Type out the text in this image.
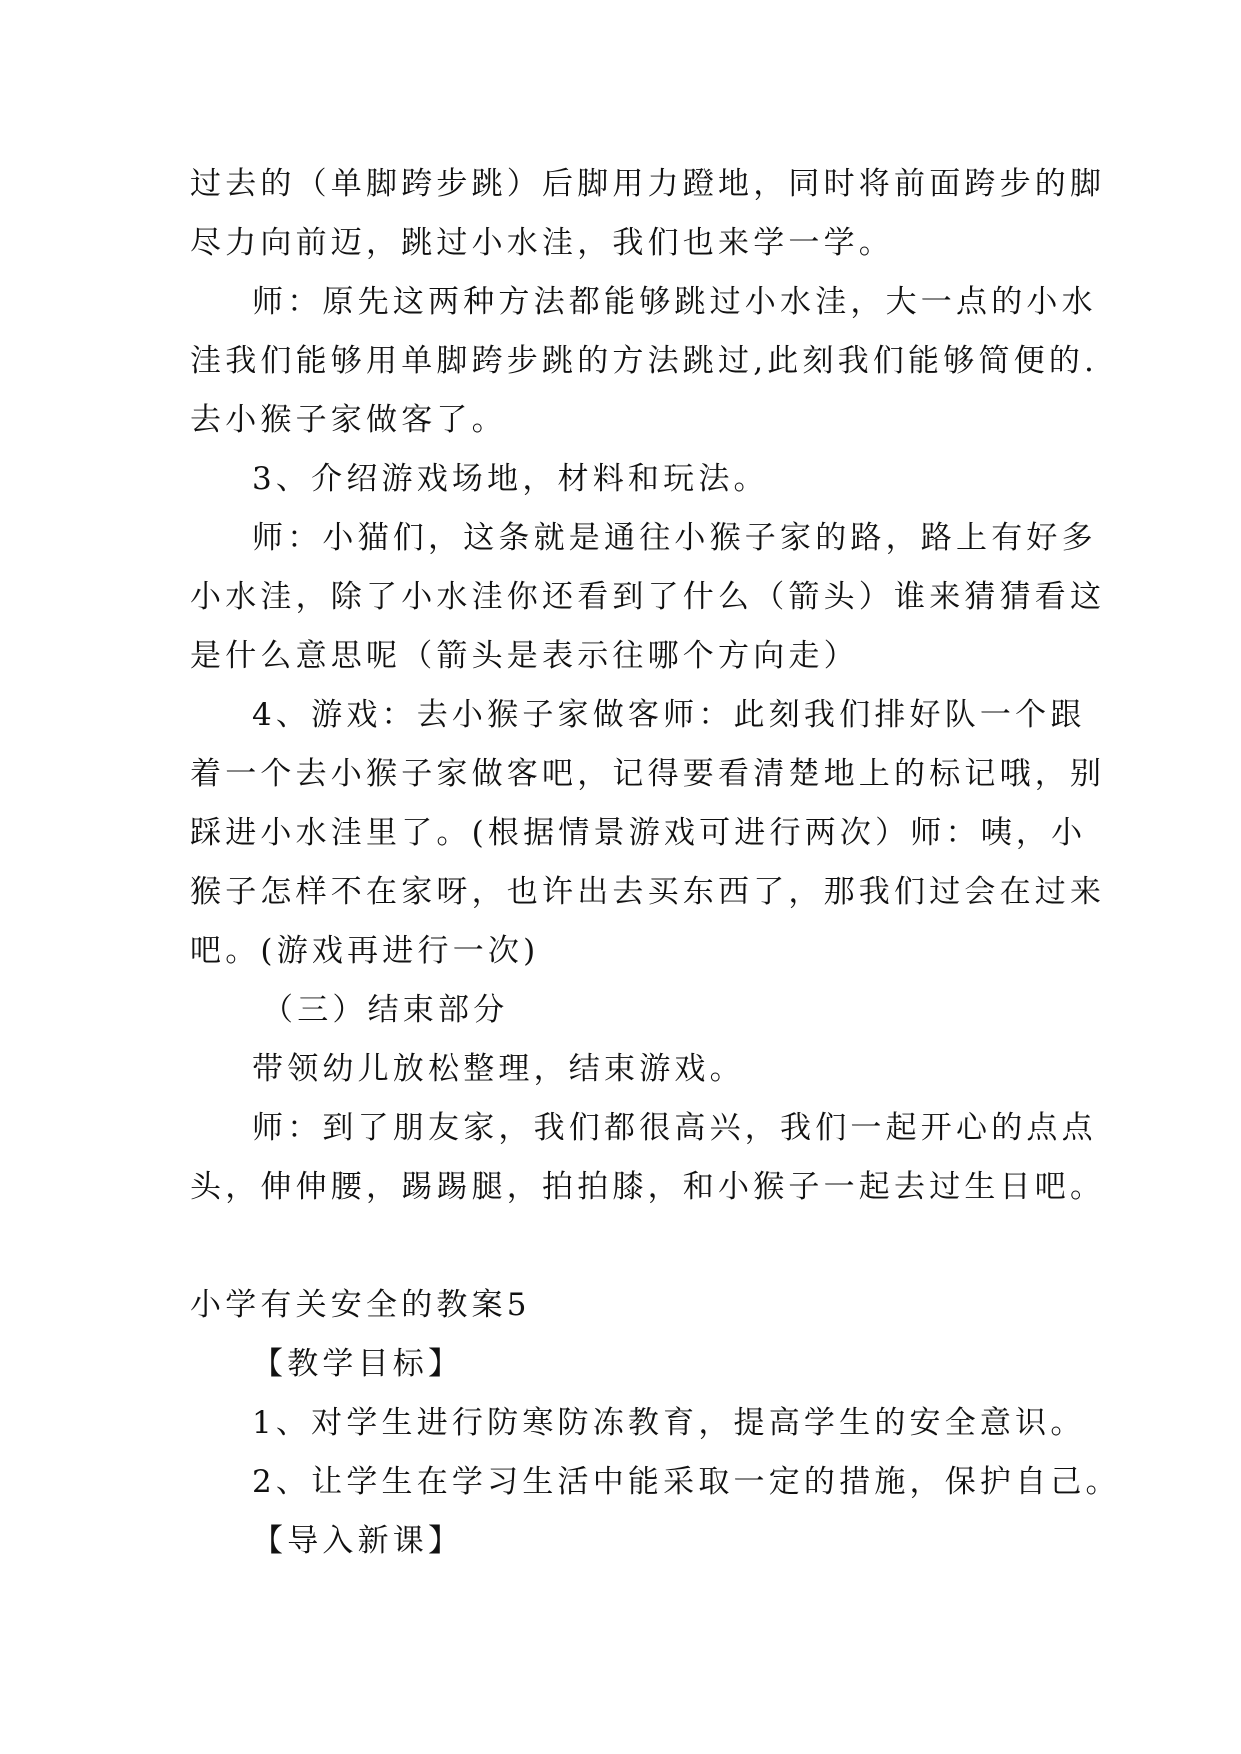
过去的（单脚跨步跳）后脚用力蹬地，同时将前面跨步的脚
尽力向前迈，跳过小水洼，我们也来学一学。
师：原先这两种方法都能够跳过小水洼，大一点的小水
洼我们能够用单脚跨步跳的方法跳过,此刻我们能够简便的.
去小猴子家做客了。
3、介绍游戏场地，材料和玩法。
师：小猫们，这条就是通往小猴子家的路，路上有好多
小水洼，除了小水洼你还看到了什么（箭头）谁来猜猜看这
是什么意思呢（箭头是表示往哪个方向走）
4、游戏：去小猴子家做客师：此刻我们排好队一个跟
着一个去小猴子家做客吧，记得要看清楚地上的标记哦，别
踩进小水洼里了。(根据情景游戏可进行两次）师：咦，小
猴子怎样不在家呀，也许出去买东西了，那我们过会在过来
吧。(游戏再进行一次)
（三）结束部分
带领幼儿放松整理，结束游戏。
师：到了朋友家，我们都很高兴，我们一起开心的点点
头，伸伸腰，踢踢腿，拍拍膝，和小猴子一起去过生日吧。
小学有关安全的教案5
【教学目标】
1、对学生进行防寒防冻教育，提高学生的安全意识。
2、让学生在学习生活中能采取一定的措施，保护自己。
【导入新课】
